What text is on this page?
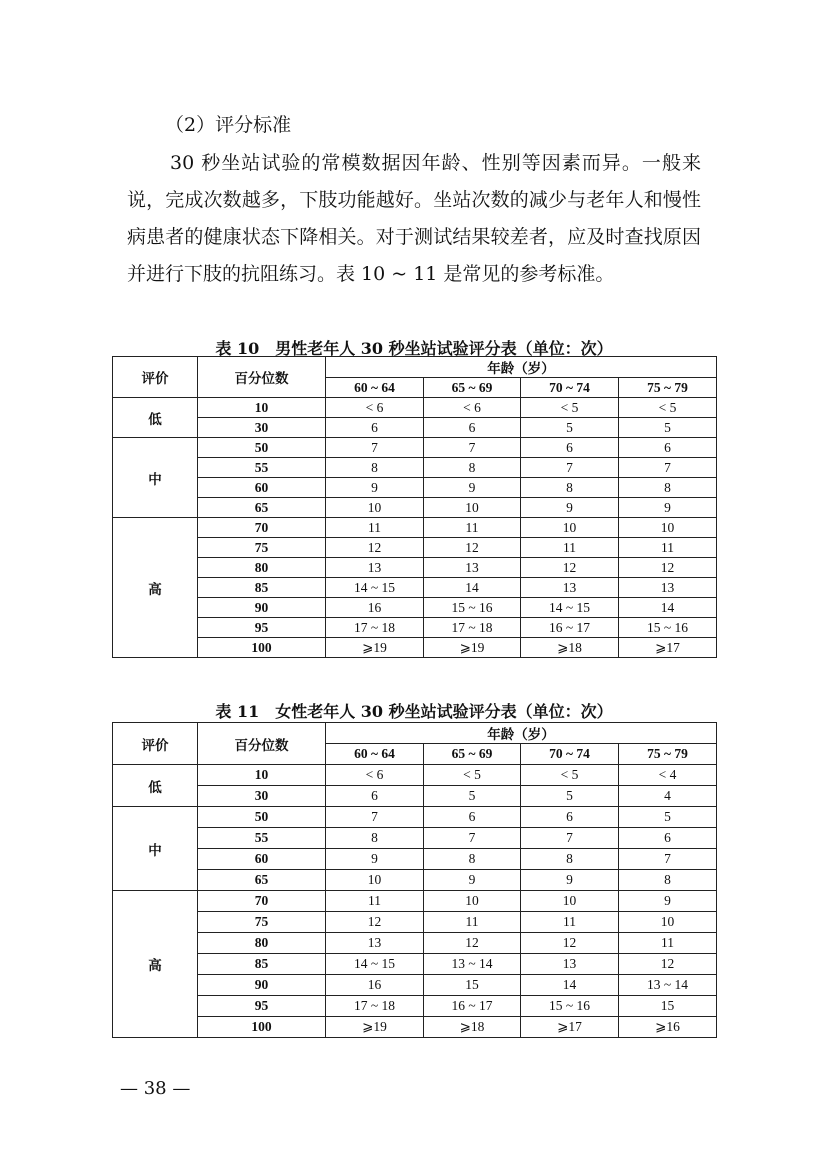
（2）评分标准

30 秒坐站试验的常模数据因年龄、性别等因素而异。一般来说，完成次数越多，下肢功能越好。坐站次数的减少与老年人和慢性病患者的健康状态下降相关。对于测试结果较差者，应及时查找原因并进行下肢的抗阻练习。表 10 ~ 11 是常见的参考标准。

表 10　男性老年人 30 秒坐站试验评分表（单位：次）

评价	百分位数	年龄（岁）			
		60 ~ 64	65 ~ 69	70 ~ 74	75 ~ 79
低	10	< 6	< 6	< 5	< 5
	30	6	6	5	5
中	50	7	7	6	6
	55	8	8	7	7
	60	9	9	8	8
	65	10	10	9	9
高	70	11	11	10	10
	75	12	12	11	11
	80	13	13	12	12
	85	14 ~ 15	14	13	13
	90	16	15 ~ 16	14 ~ 15	14
	95	17 ~ 18	17 ~ 18	16 ~ 17	15 ~ 16
	100	⩾19	⩾19	⩾18	⩾17

表 11　女性老年人 30 秒坐站试验评分表（单位：次）

评价	百分位数	年龄（岁）			
		60 ~ 64	65 ~ 69	70 ~ 74	75 ~ 79
低	10	< 6	< 5	< 5	< 4
	30	6	5	5	4
中	50	7	6	6	5
	55	8	7	7	6
	60	9	8	8	7
	65	10	9	9	8
高	70	11	10	10	9
	75	12	11	11	10
	80	13	12	12	11
	85	14 ~ 15	13 ~ 14	13	12
	90	16	15	14	13 ~ 14
	95	17 ~ 18	16 ~ 17	15 ~ 16	15
	100	⩾19	⩾18	⩾17	⩾16

— 38 —
